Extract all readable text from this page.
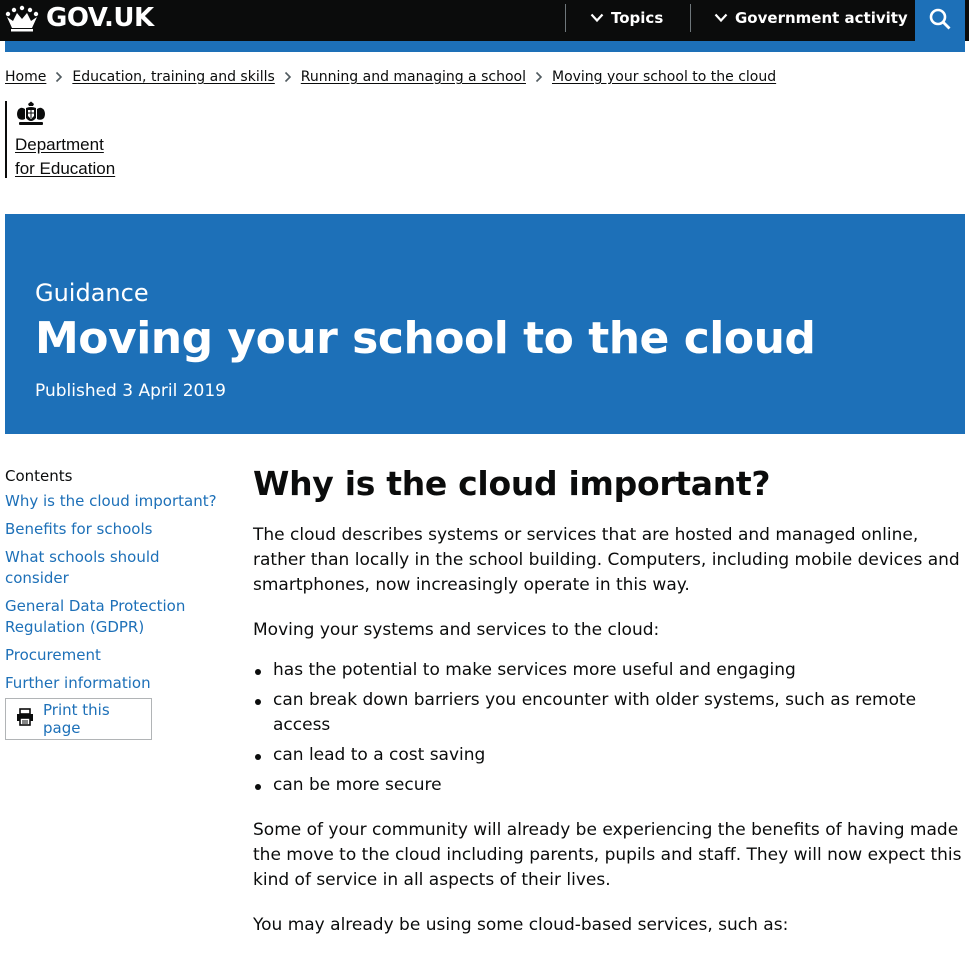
GOV.UK	Topics	Government activity
Home Education, training and skills Running and managing a school Moving your school to the cloud
Department
for Education
Guidance
Moving your school to the cloud
Published 3 April 2019
Contents
Why is the cloud important?
Benefits for schools
What schools should consider
General Data Protection Regulation (GDPR)
Procurement
Further information
Print this page
Why is the cloud important?

The cloud describes systems or services that are hosted and managed online, rather than locally in the school building. Computers, including mobile devices and smartphones, now increasingly operate in this way.

Moving your systems and services to the cloud:

has the potential to make services more useful and engaging
can break down barriers you encounter with older systems, such as remote access
can lead to a cost saving
can be more secure

Some of your community will already be experiencing the benefits of having made the move to the cloud including parents, pupils and staff. They will now expect this kind of service in all aspects of their lives.

You may already be using some cloud-based services, such as:
